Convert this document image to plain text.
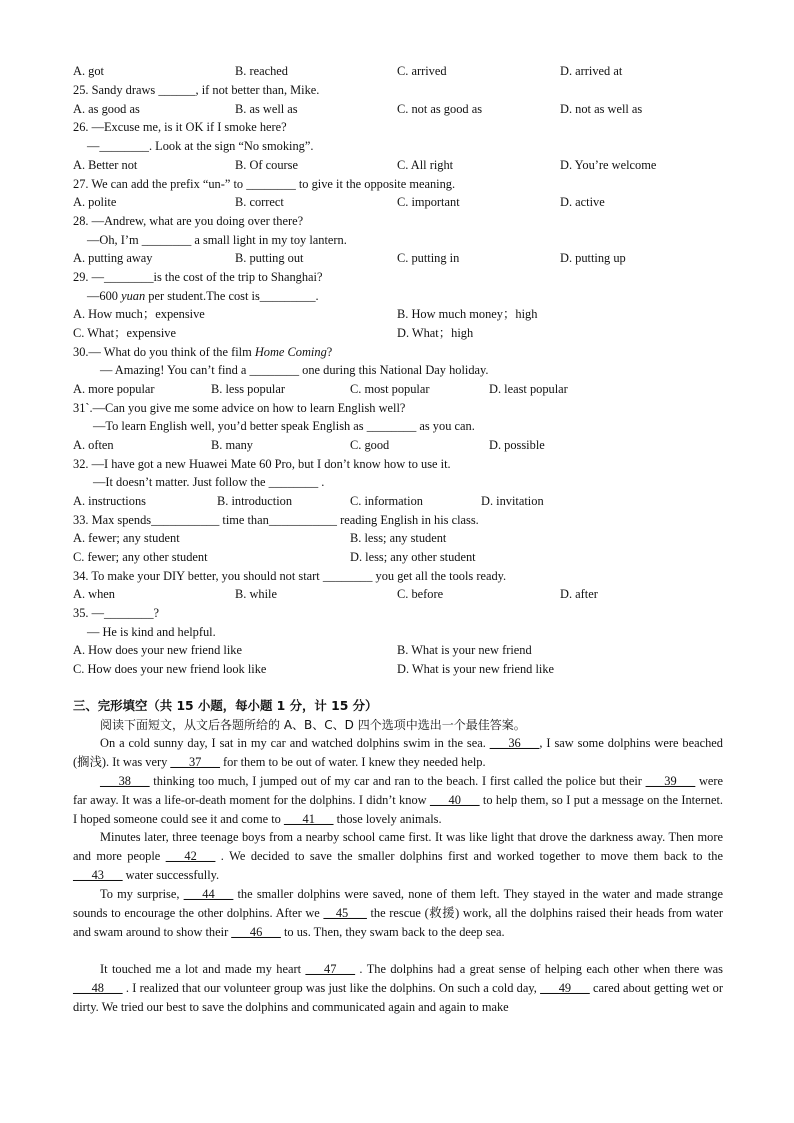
A. got	B. reached	C. arrived	D. arrived at
25. Sandy draws ______, if not better than, Mike.
A. as good as	B. as well as	C. not as good as	D. not as well as
26. —Excuse me, is it OK if I smoke here?
—________. Look at the sign “No smoking”.
A. Better not	B. Of course	C. All right	D. You’re welcome
27. We can add the prefix “un-” to ________ to give it the opposite meaning.
A. polite	B. correct	C. important	D. active
28. —Andrew, what are you doing over there?
—Oh, I’m ________ a small light in my toy lantern.
A. putting away	B. putting out	C. putting in	D. putting up
29. —________is the cost of the trip to Shanghai?
—600 yuan per student.The cost is_________.
A. How much；expensive	B. How much money；high
C. What；expensive	D. What；high
30.— What do you think of the film Home Coming?
— Amazing! You can’t find a ________ one during this National Day holiday.
A. more popular	B. less popular	C. most popular	D. least popular
31`.—Can you give me some advice on how to learn English well?
—To learn English well, you’d better speak English as ________ as you can.
A. often	B. many	C. good	D. possible
32. —I have got a new Huawei Mate 60 Pro, but I don’t know how to use it.
—It doesn’t matter. Just follow the ________ .
A. instructions	B. introduction	C. information	D. invitation
33. Max spends___________ time than___________ reading English in his class.
A. fewer; any student	B. less; any student
C. fewer; any other student	D. less; any other student
34. To make your DIY better, you should not start ________ you get all the tools ready.
A. when	B. while	C. before	D. after
35. —________?
— He is kind and helpful.
A. How does your new friend like	B. What is your new friend
C. How does your new friend look like	D. What is your new friend like
三、完形填空（共 15 小题，每小题 1 分，计 15 分）
阅读下面短文，从文后各题所给的 A、B、C、D 四个选项中选出一个最佳答案。
On a cold sunny day, I sat in my car and watched dolphins swim in the sea. ___36___, I saw some dolphins were beached (搁浅). It was very ___37___ for them to be out of water. I knew they needed help.
___38___ thinking too much, I jumped out of my car and ran to the beach. I first called the police but their ___39___ were far away. It was a life-or-death moment for the dolphins. I didn’t know ___40___ to help them, so I put a message on the Internet. I hoped someone could see it and come to ___41___ those lovely animals.
Minutes later, three teenage boys from a nearby school came first. It was like light that drove the darkness away. Then more and more people ___42___ . We decided to save the smaller dolphins first and worked together to move them back to the ___43___ water successfully.
To my surprise, ___44___ the smaller dolphins were saved, none of them left. They stayed in the water and made strange sounds to encourage the other dolphins. After we __45___ the rescue (救援) work, all the dolphins raised their heads from water and swam around to show their ___46___ to us. Then, they swam back to the deep sea.
It touched me a lot and made my heart ___47___ . The dolphins had a great sense of helping each other when there was ___48___ . I realized that our volunteer group was just like the dolphins. On such a cold day, ___49___ cared about getting wet or dirty. We tried our best to save the dolphins and communicated again and again to make
